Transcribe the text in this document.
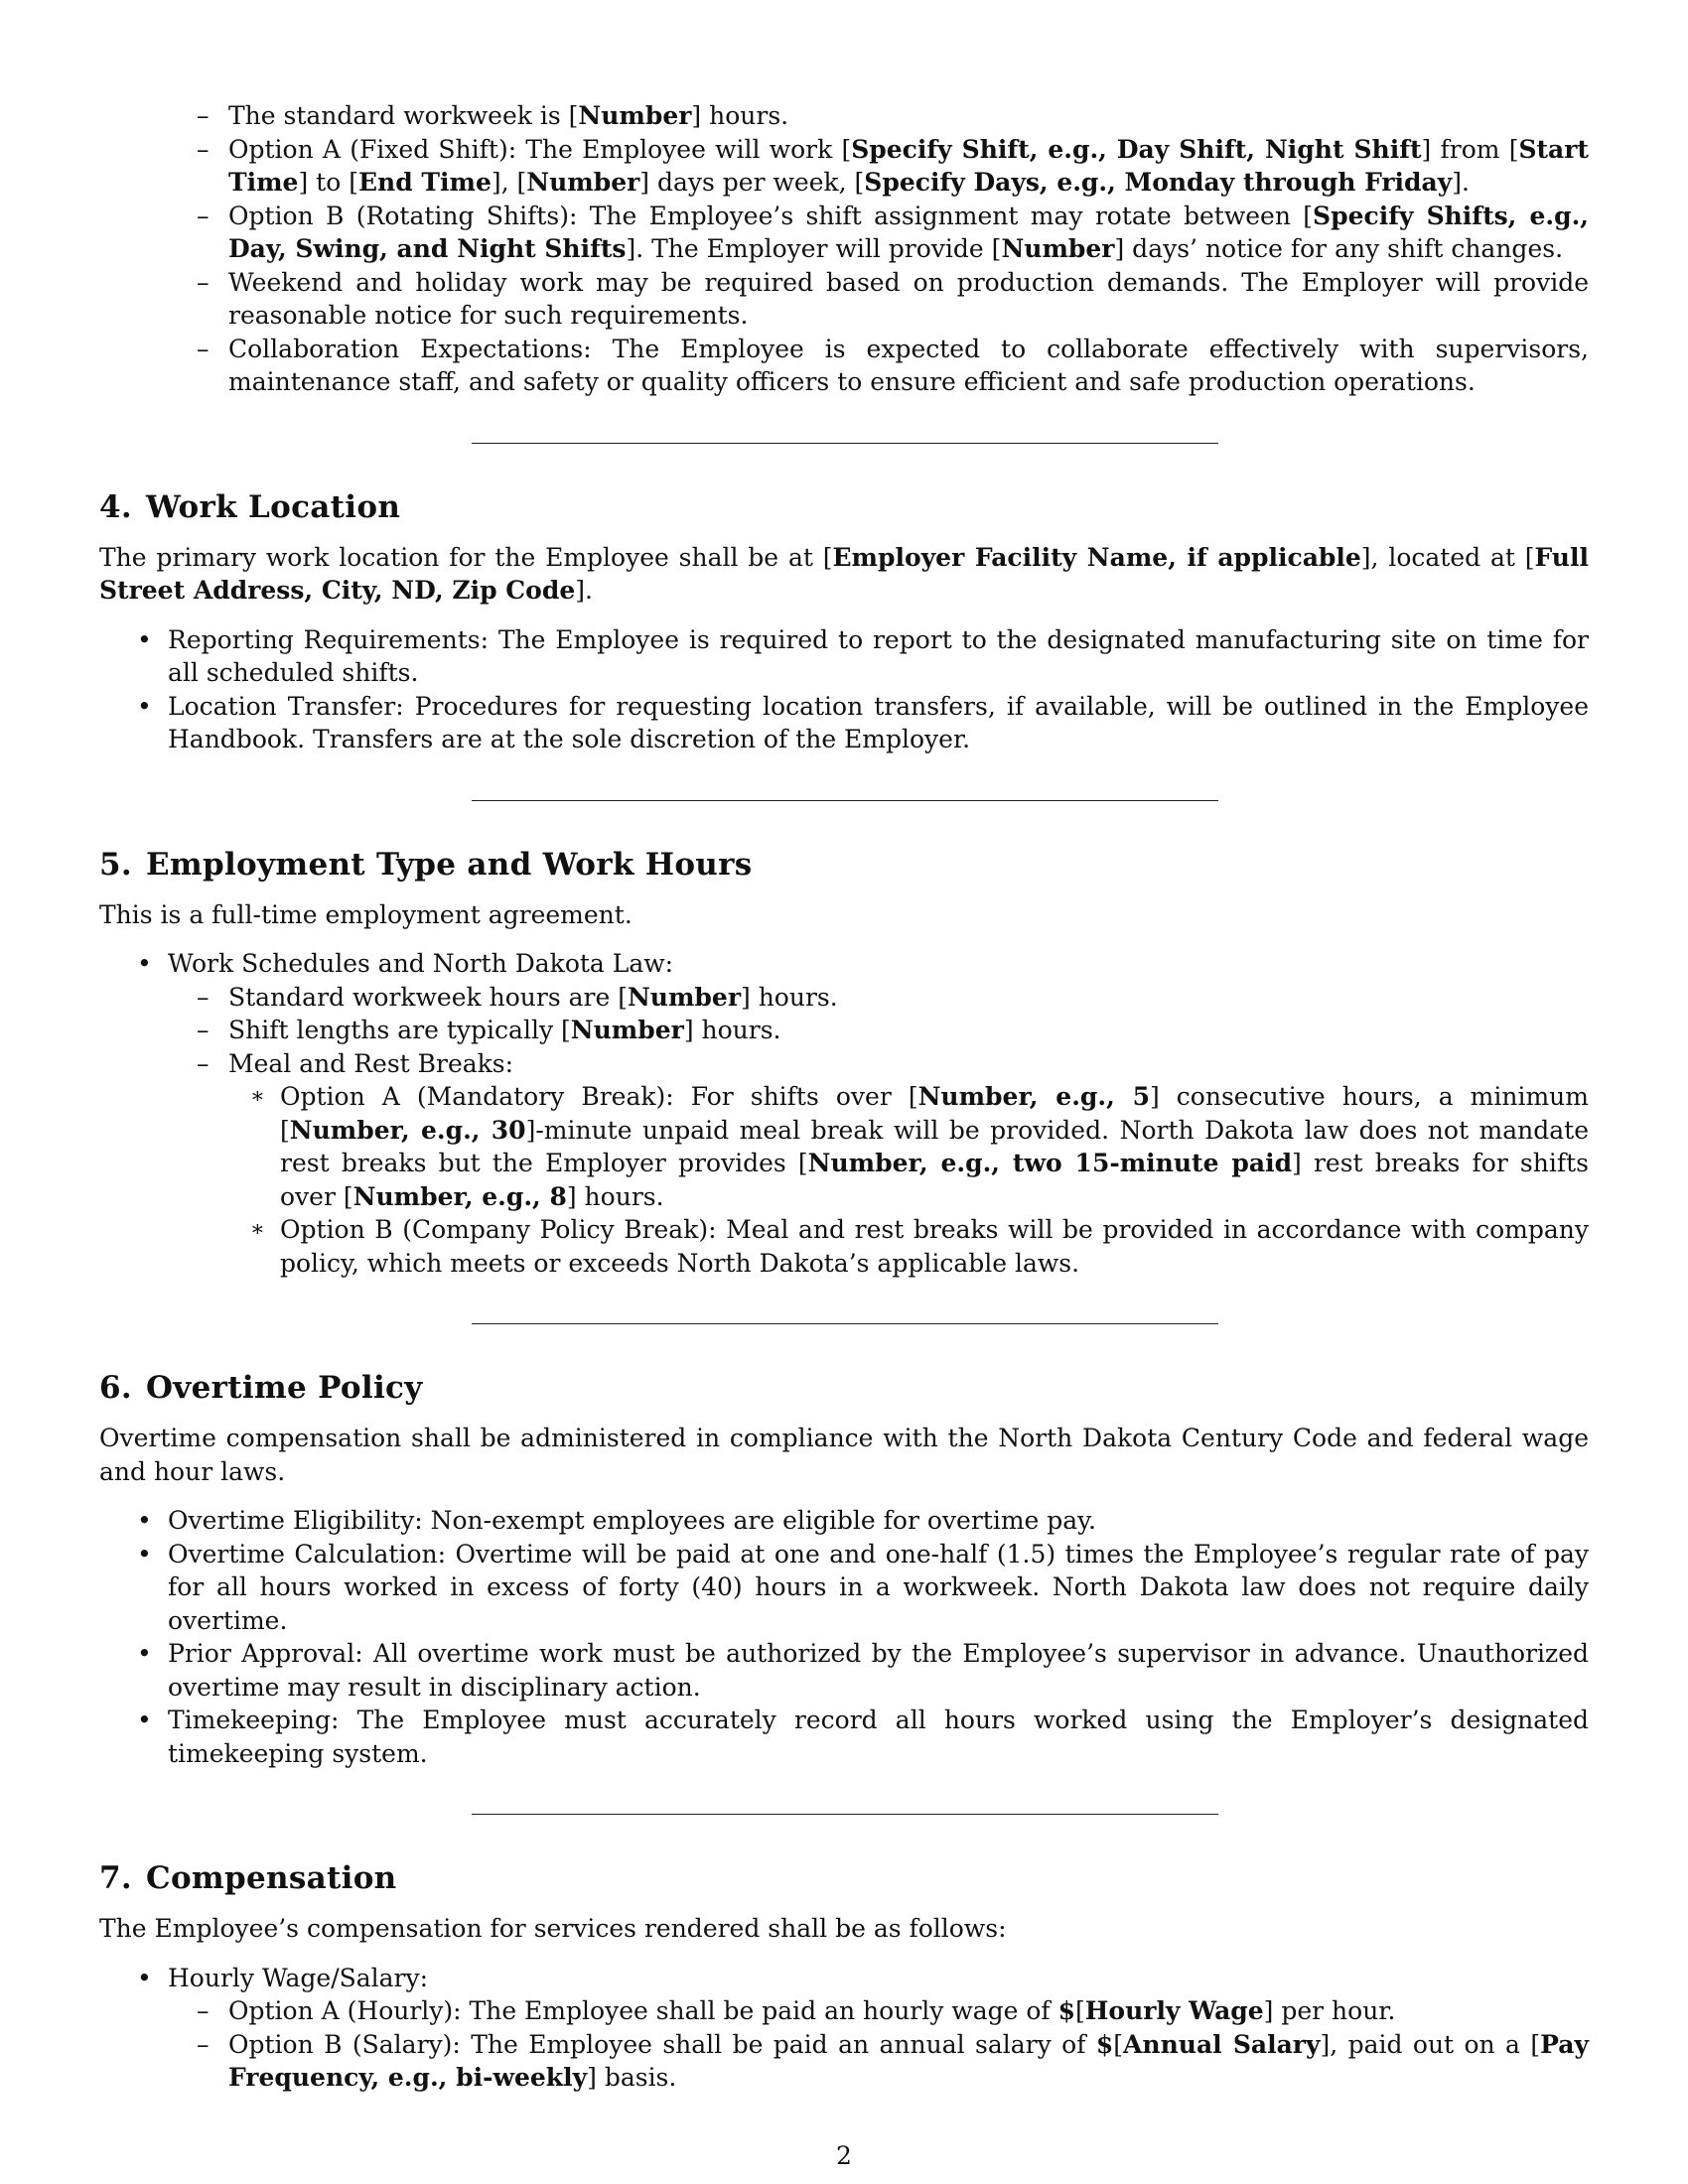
– The standard workweek is [Number] hours.
– Option A (Fixed Shift): The Employee will work [Specify Shift, e.g., Day Shift, Night Shift] from [Start Time] to [End Time], [Number] days per week, [Specify Days, e.g., Monday through Friday].
– Option B (Rotating Shifts): The Employee’s shift assignment may rotate between [Specify Shifts, e.g., Day, Swing, and Night Shifts]. The Employer will provide [Number] days’ notice for any shift changes.
– Weekend and holiday work may be required based on production demands. The Employer will provide reasonable notice for such requirements.
– Collaboration Expectations: The Employee is expected to collaborate effectively with supervisors, maintenance staff, and safety or quality officers to ensure efficient and safe production operations.
4. Work Location

The primary work location for the Employee shall be at [Employer Facility Name, if applicable], located at [Full Street Address, City, ND, Zip Code].

• Reporting Requirements: The Employee is required to report to the designated manufacturing site on time for all scheduled shifts.
• Location Transfer: Procedures for requesting location transfers, if available, will be outlined in the Employee Handbook. Transfers are at the sole discretion of the Employer.
5. Employment Type and Work Hours

This is a full-time employment agreement.

• Work Schedules and North Dakota Law:
– Standard workweek hours are [Number] hours.
– Shift lengths are typically [Number] hours.
– Meal and Rest Breaks:
∗ Option A (Mandatory Break): For shifts over [Number, e.g., 5] consecutive hours, a minimum [Number, e.g., 30]-minute unpaid meal break will be provided. North Dakota law does not mandate rest breaks but the Employer provides [Number, e.g., two 15-minute paid] rest breaks for shifts over [Number, e.g., 8] hours.
∗ Option B (Company Policy Break): Meal and rest breaks will be provided in accordance with company policy, which meets or exceeds North Dakota’s applicable laws.
6. Overtime Policy

Overtime compensation shall be administered in compliance with the North Dakota Century Code and federal wage and hour laws.

• Overtime Eligibility: Non-exempt employees are eligible for overtime pay.
• Overtime Calculation: Overtime will be paid at one and one-half (1.5) times the Employee’s regular rate of pay for all hours worked in excess of forty (40) hours in a workweek. North Dakota law does not require daily overtime.
• Prior Approval: All overtime work must be authorized by the Employee’s supervisor in advance. Unauthorized overtime may result in disciplinary action.
• Timekeeping: The Employee must accurately record all hours worked using the Employer’s designated timekeeping system.
7. Compensation

The Employee’s compensation for services rendered shall be as follows:

• Hourly Wage/Salary:
– Option A (Hourly): The Employee shall be paid an hourly wage of $[Hourly Wage] per hour.
– Option B (Salary): The Employee shall be paid an annual salary of $[Annual Salary], paid out on a [Pay Frequency, e.g., bi-weekly] basis.
2
